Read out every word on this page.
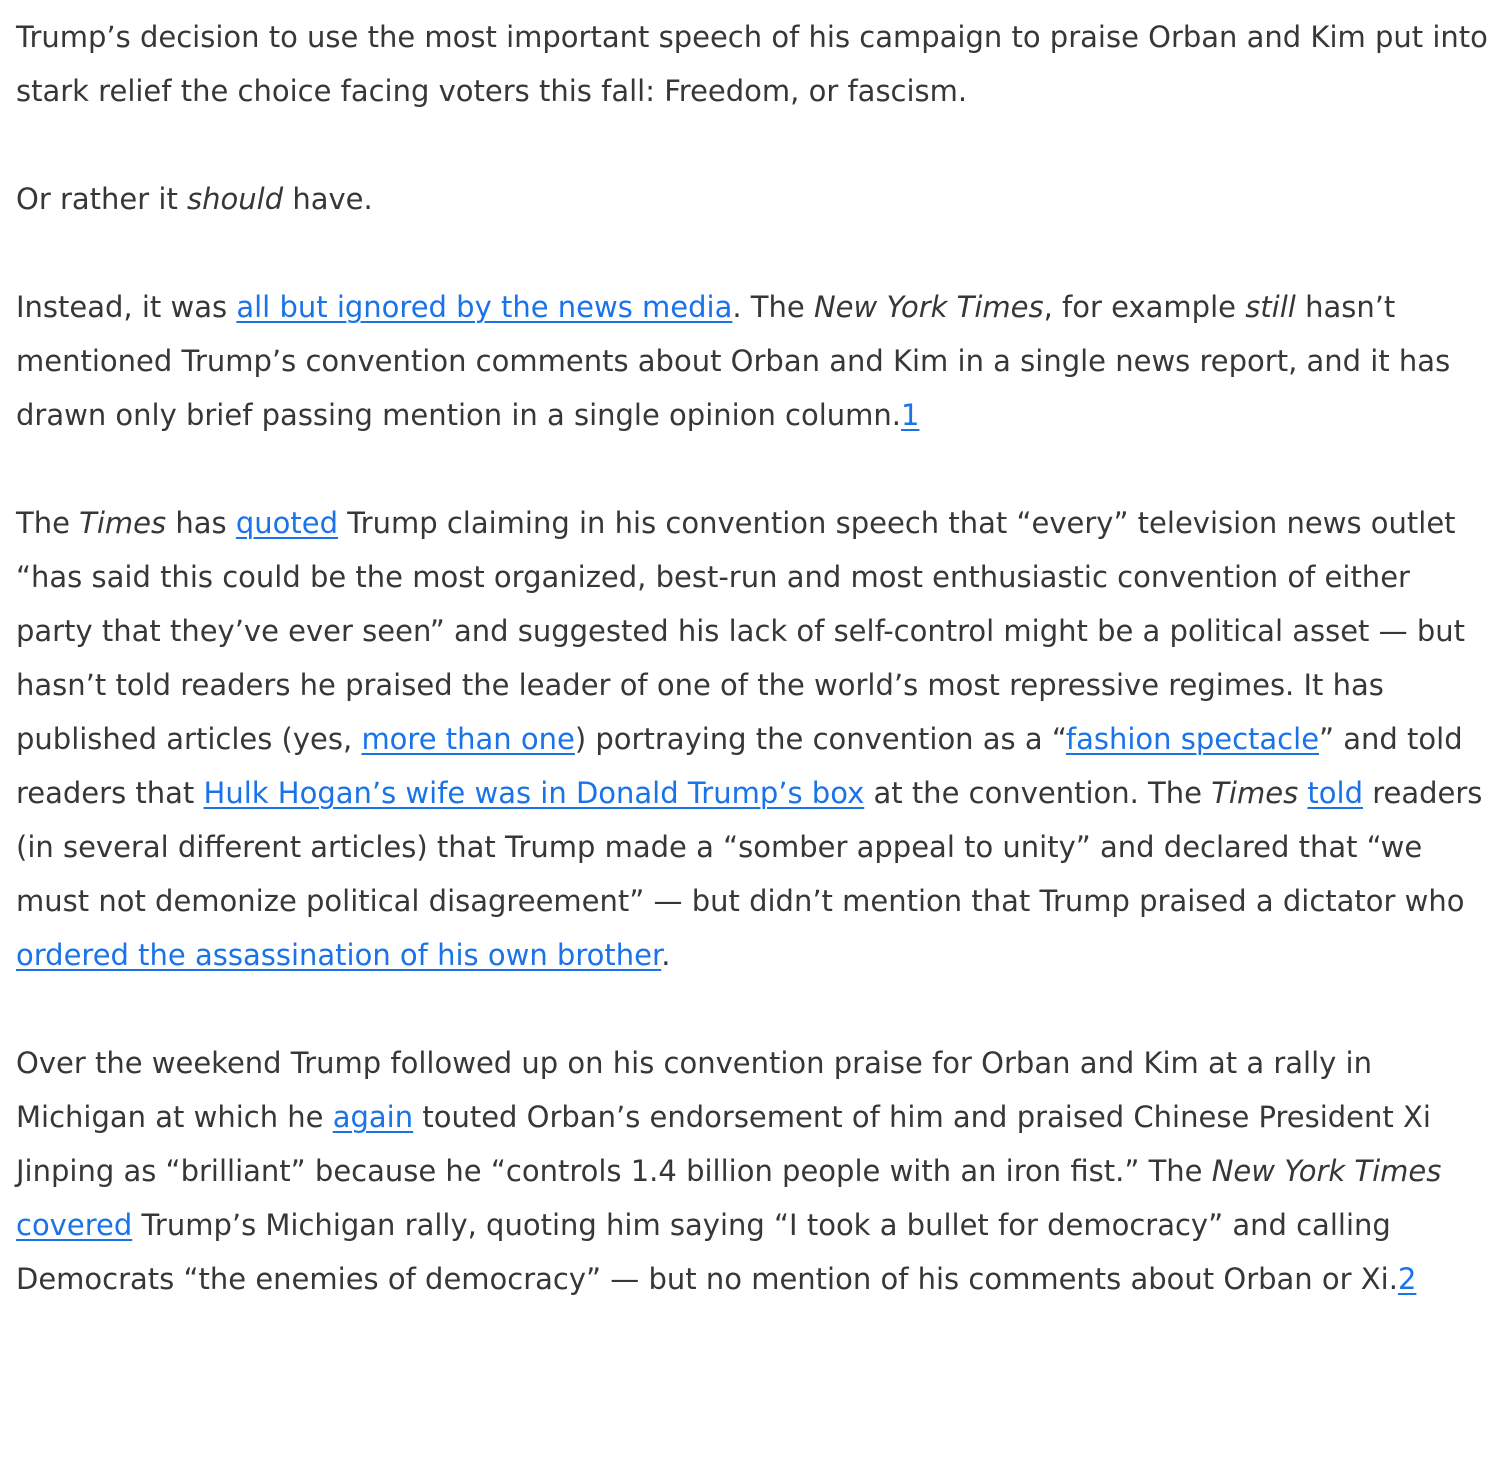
Trump’s decision to use the most important speech of his campaign to praise Orban and Kim put into stark relief the choice facing voters this fall: Freedom, or fascism.

Or rather it should have.

Instead, it was all but ignored by the news media. The New York Times, for example still hasn’t mentioned Trump’s convention comments about Orban and Kim in a single news report, and it has drawn only brief passing mention in a single opinion column.1

The Times has quoted Trump claiming in his convention speech that “every” television news outlet “has said this could be the most organized, best-run and most enthusiastic convention of either party that they’ve ever seen” and suggested his lack of self-control might be a political asset — but hasn’t told readers he praised the leader of one of the world’s most repressive regimes. It has published articles (yes, more than one) portraying the convention as a “fashion spectacle” and told readers that Hulk Hogan’s wife was in Donald Trump’s box at the convention. The Times told readers (in several different articles) that Trump made a “somber appeal to unity” and declared that “we must not demonize political disagreement” — but didn’t mention that Trump praised a dictator who ordered the assassination of his own brother.

Over the weekend Trump followed up on his convention praise for Orban and Kim at a rally in Michigan at which he again touted Orban’s endorsement of him and praised Chinese President Xi Jinping as “brilliant” because he “controls 1.4 billion people with an iron fist.” The New York Times covered Trump’s Michigan rally, quoting him saying “I took a bullet for democracy” and calling Democrats “the enemies of democracy” — but no mention of his comments about Orban or Xi.2
